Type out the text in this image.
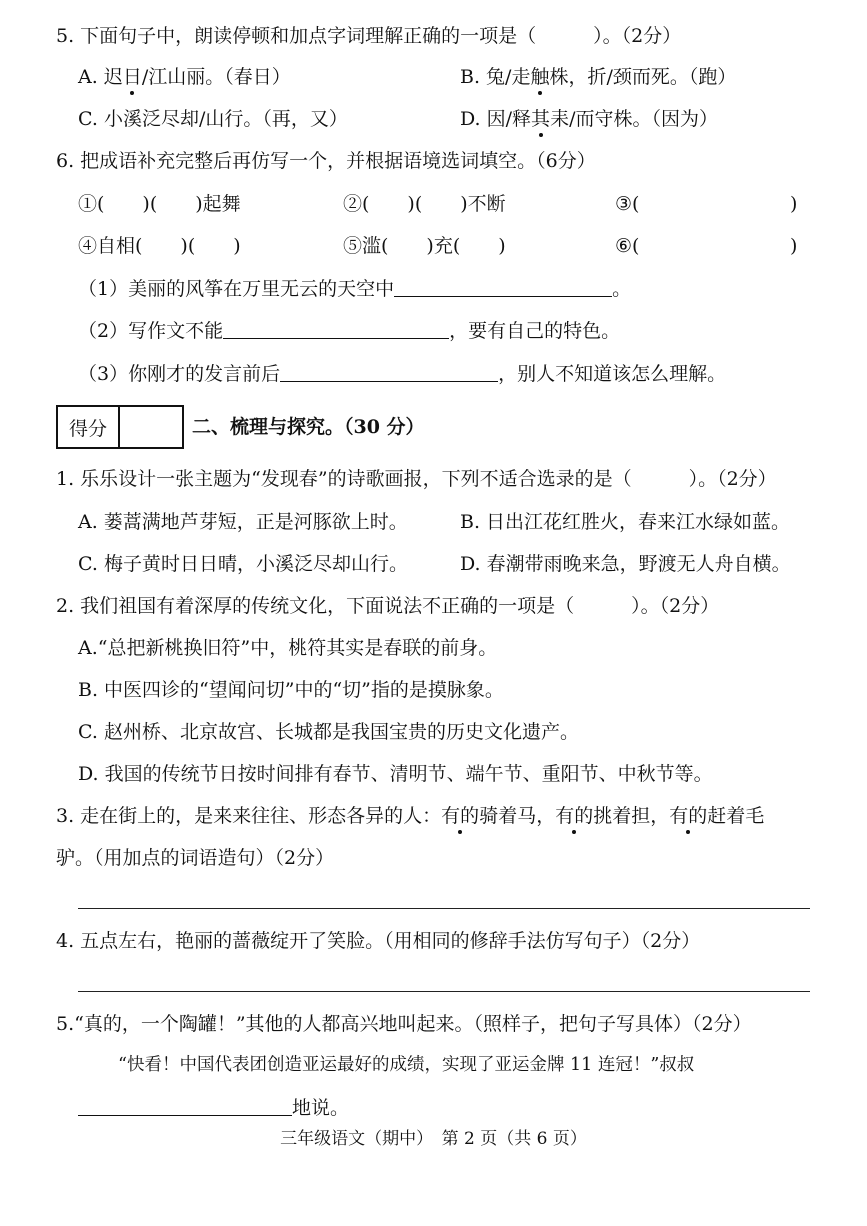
5. 下面句子中，朗读停顿和加点字词理解正确的一项是（　　　）。（2分）
A. 迟日/江山丽。（春日）	B. 兔/走触株，折/颈而死。（跑）
C. 小溪泛尽却/山行。（再，又）	D. 因/释其耒/而守株。（因为）
6. 把成语补充完整后再仿写一个，并根据语境选词填空。（6分）
①(　　)(　　)起舞	②(　　)(　　)不断	③(	)
④自相(　　)(　　)	⑤滥(　　)充(　　)	⑥(	)
（1）美丽的风筝在万里无云的天空中	。
（2）写作文不能	，要有自己的特色。
（3）你刚才的发言前后	，别人不知道该怎么理解。
得分	二、梳理与探究。（30 分）
1. 乐乐设计一张主题为“发现春”的诗歌画报，下列不适合选录的是（　　　）。（2分）
A. 蒌蒿满地芦芽短，正是河豚欲上时。	B. 日出江花红胜火，春来江水绿如蓝。
C. 梅子黄时日日晴，小溪泛尽却山行。	D. 春潮带雨晚来急，野渡无人舟自横。
2. 我们祖国有着深厚的传统文化，下面说法不正确的一项是（　　　）。（2分）
A.“总把新桃换旧符”中，桃符其实是春联的前身。
B. 中医四诊的“望闻问切”中的“切”指的是摸脉象。
C. 赵州桥、北京故宫、长城都是我国宝贵的历史文化遗产。
D. 我国的传统节日按时间排有春节、清明节、端午节、重阳节、中秋节等。
3. 走在街上的，是来来往往、形态各异的人：有的骑着马，有的挑着担，有的赶着毛
驴。（用加点的词语造句）（2分）
4. 五点左右，艳丽的蔷薇绽开了笑脸。（用相同的修辞手法仿写句子）（2分）
5.“真的，一个陶罐！”其他的人都高兴地叫起来。（照样子，把句子写具体）（2分）
“快看！中国代表团创造亚运最好的成绩，实现了亚运金牌 11 连冠！”叔叔
地说。
三年级语文（期中）　第 2 页（共 6 页）
